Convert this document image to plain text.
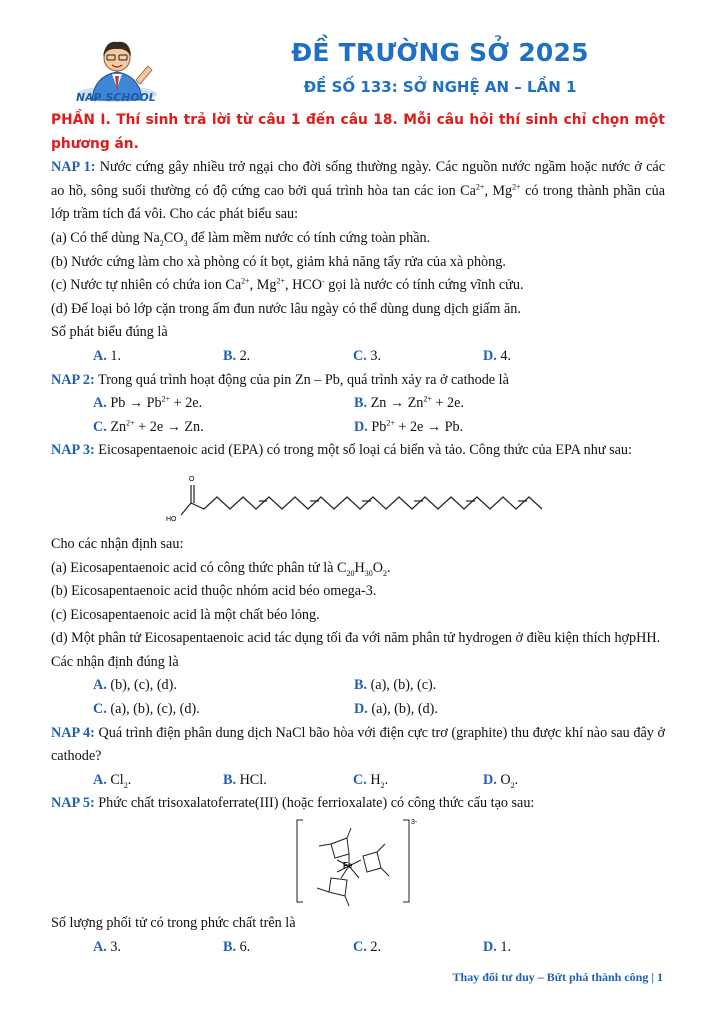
NAP SCHOOL
ĐỀ TRƯỜNG SỞ 2025
ĐỀ SỐ 133: SỞ NGHỆ AN – LẦN 1

PHẦN I. Thí sinh trả lời từ câu 1 đến câu 18. Mỗi câu hỏi thí sinh chỉ chọn một phương án.

NAP 1: Nước cứng gây nhiều trở ngại cho đời sống thường ngày. Các nguồn nước ngầm hoặc nước ở các ao hồ, sông suối thường có độ cứng cao bởi quá trình hòa tan các ion $Ca^{2+}$, $Mg^{2+}$ có trong thành phần của lớp trầm tích đá vôi. Cho các phát biểu sau:

(a) Có thể dùng $Na_2CO_3$ để làm mềm nước có tính cứng toàn phần.

(b) Nước cứng làm cho xà phòng có ít bọt, giảm khả năng tẩy rửa của xà phòng.

(c) Nước tự nhiên có chứa ion $Ca^{2+}$, $Mg^{2+}$, HCO- gọi là nước có tính cứng vĩnh cửu.

(d) Để loại bỏ lớp cặn trong ấm đun nước lâu ngày có thể dùng dung dịch giấm ăn.

Số phát biểu đúng là

A. 1.	B. 2.	C. 3.	D. 4.

NAP 2: Trong quá trình hoạt động của pin Zn – Pb, quá trình xảy ra ở cathode là

A. $Pb \to Pb^{2+} + 2e$.	B. $Zn \to Zn^{2+} + 2e$.
C. $Zn^{2+} + 2e \to Zn$.	D. $Pb^{2+} + 2e \to Pb$.

NAP 3: Eicosapentaenoic acid (EPA) có trong một số loại cá biển và tảo. Công thức của EPA như sau:

O
HO

Cho các nhận định sau:

(a) Eicosapentaenoic acid có công thức phân tử là $C_{20}H_{30}O_2$.

(b) Eicosapentaenoic acid thuộc nhóm acid béo omega-3.

(c) Eicosapentaenoic acid là một chất béo lỏng.

(d) Một phân tử Eicosapentaenoic acid tác dụng tối đa với năm phân tử hydrogen ở điều kiện thích hợpHH.

Các nhận định đúng là

A. (b), (c), (d).	B. (a), (b), (c).
C. (a), (b), (c), (d).	D. (a), (b), (d).

NAP 4: Quá trình điện phân dung dịch NaCl bão hòa với điện cực trơ (graphite) thu được khí nào sau đây ở cathode?

A. $Cl_2$.	B. HCl.	C. $H_2$.	D. $O_2$.

NAP 5: Phức chất trisoxalatoferrate(III) (hoặc ferrioxalate) có công thức cấu tạo sau:

Fe
3-

Số lượng phối tử có trong phức chất trên là

A. 3.	B. 6.	C. 2.	D. 1.
Thay đổi tư duy – Bứt phá thành công | 1
